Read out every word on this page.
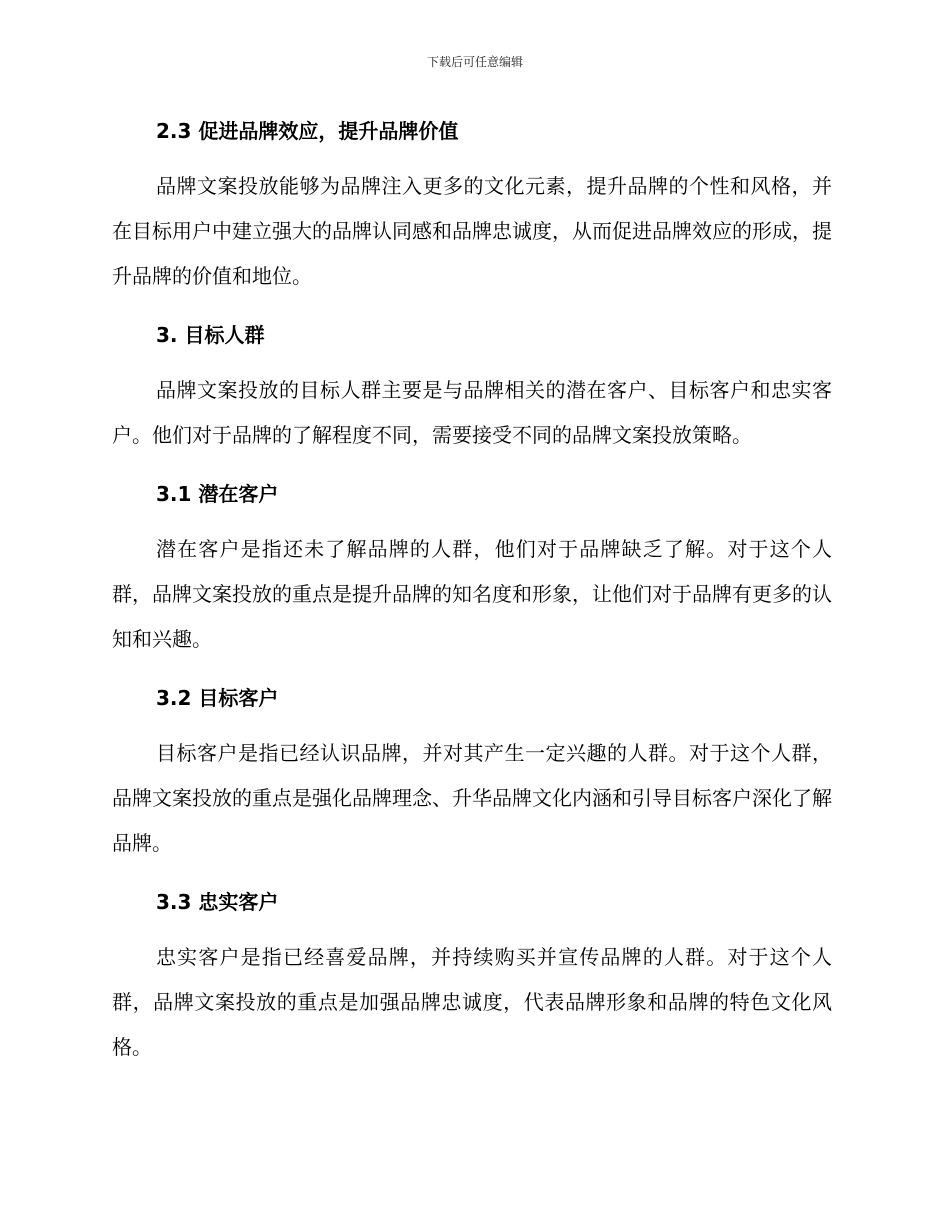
下载后可任意编辑
2.3 促进品牌效应，提升品牌价值

品牌文案投放能够为品牌注入更多的文化元素，提升品牌的个性和风格，并在目标用户中建立强大的品牌认同感和品牌忠诚度，从而促进品牌效应的形成，提升品牌的价值和地位。

3. 目标人群

品牌文案投放的目标人群主要是与品牌相关的潜在客户、目标客户和忠实客户。他们对于品牌的了解程度不同，需要接受不同的品牌文案投放策略。

3.1 潜在客户

潜在客户是指还未了解品牌的人群，他们对于品牌缺乏了解。对于这个人群，品牌文案投放的重点是提升品牌的知名度和形象，让他们对于品牌有更多的认知和兴趣。

3.2 目标客户

目标客户是指已经认识品牌，并对其产生一定兴趣的人群。对于这个人群，品牌文案投放的重点是强化品牌理念、升华品牌文化内涵和引导目标客户深化了解品牌。

3.3 忠实客户

忠实客户是指已经喜爱品牌，并持续购买并宣传品牌的人群。对于这个人群，品牌文案投放的重点是加强品牌忠诚度，代表品牌形象和品牌的特色文化风格。
